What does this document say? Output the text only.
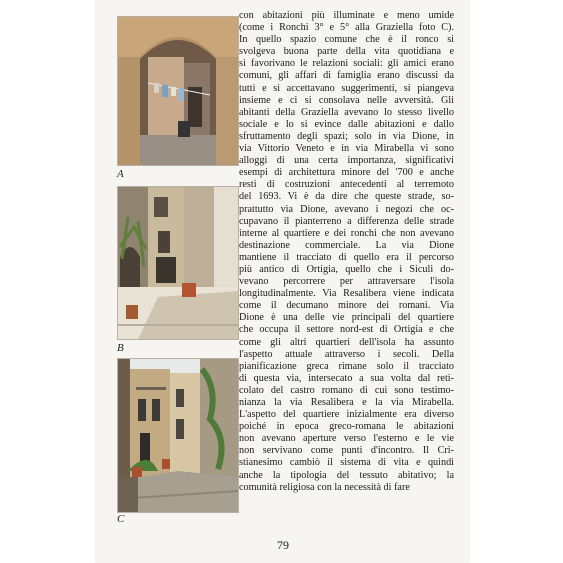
A
B
C
con abitazioni più illuminate e meno umide
(come i Ronchi 3° e 5° alla Graziella foto C).
In quello spazio comune che è il ronco si
svolgeva buona parte della vita quotidiana e
si favorivano le relazioni sociali: gli amici erano
comuni, gli affari di famiglia erano discussi da
tutti e si accettavano suggerimenti, si piangeva
insieme e ci si consolava nelle avversità. Gli
abitanti della Graziella avevano lo stesso livello
sociale e lo si evince dalle abitazioni e dallo
sfruttamento degli spazi; solo in via Dione, in
via Vittorio Veneto e in via Mirabella vi sono
alloggi di una certa importanza, significativi
esempi di architettura minore del '700 e anche
resti di costruzioni antecedenti al terremoto
del 1693. Vi è da dire che queste strade, so-
prattutto via Dione, avevano i negozi che oc-
cupavano il pianterreno a differenza delle strade
interne al quartiere e dei ronchi che non avevano
destinazione commerciale. La via Dione
mantiene il tracciato di quello era il percorso
più antico di Ortigia, quello che i Siculi do-
vevano percorrere per attraversare l'isola
longitudinalmente. Via Resalibera viene indicata
come il decumano minore dei romani. Via
Dione è una delle vie principali del quartiere
che occupa il settore nord-est di Ortigia e che
come gli altri quartieri dell'isola ha assunto
l'aspetto attuale attraverso i secoli. Della
pianificazione greca rimane solo il tracciato
di questa via, intersecato a sua volta dal reti-
colato del castro romano di cui sono testimo-
nianza la via Resalibera e la via Mirabella.
L'aspetto del quartiere inizialmente era diverso
poiché in epoca greco-romana le abitazioni
non avevano aperture verso l'esterno e le vie
non servivano come punti d'incontro. Il Cri-
stianesimo cambiò il sistema di vita e quindi
anche la tipologia del tessuto abitativo; la
comunità religiosa con la necessità di fare
79
